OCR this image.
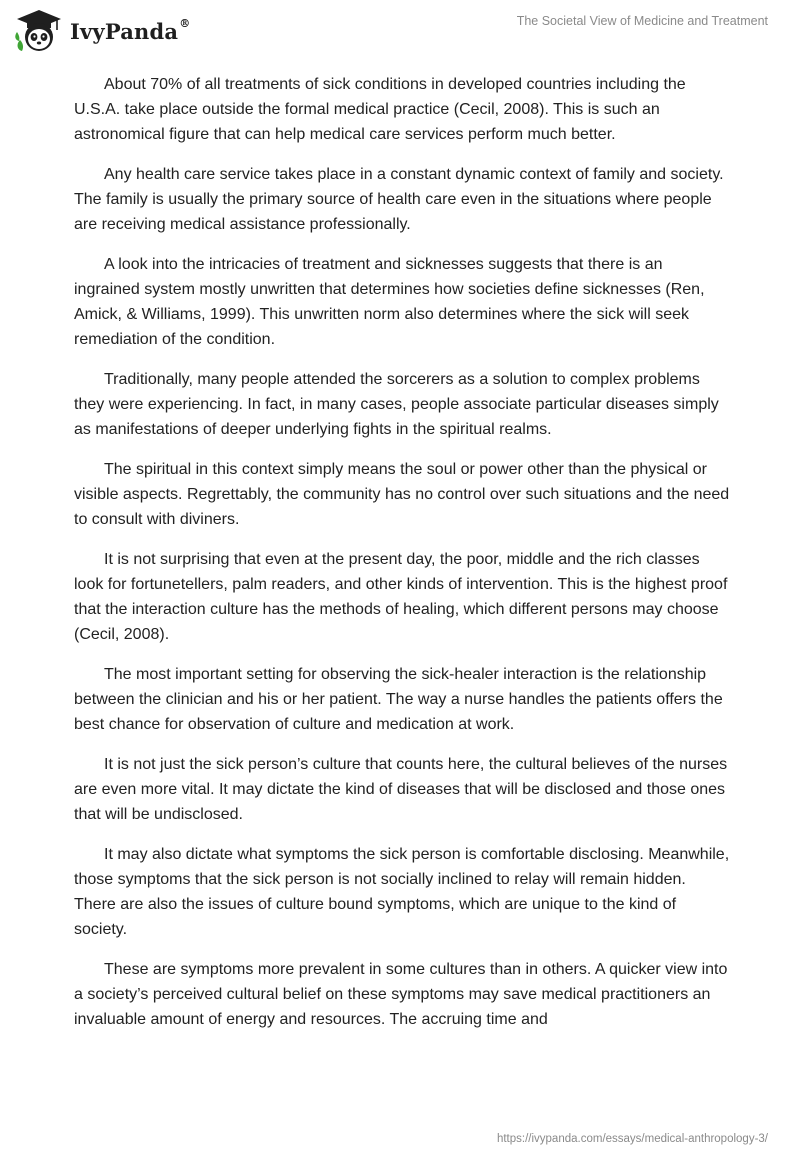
IvyPanda®	The Societal View of Medicine and Treatment

About 70% of all treatments of sick conditions in developed countries including the U.S.A. take place outside the formal medical practice (Cecil, 2008). This is such an astronomical figure that can help medical care services perform much better.

Any health care service takes place in a constant dynamic context of family and society. The family is usually the primary source of health care even in the situations where people are receiving medical assistance professionally.

A look into the intricacies of treatment and sicknesses suggests that there is an ingrained system mostly unwritten that determines how societies define sicknesses (Ren, Amick, & Williams, 1999). This unwritten norm also determines where the sick will seek remediation of the condition.

Traditionally, many people attended the sorcerers as a solution to complex problems they were experiencing. In fact, in many cases, people associate particular diseases simply as manifestations of deeper underlying fights in the spiritual realms.

The spiritual in this context simply means the soul or power other than the physical or visible aspects. Regrettably, the community has no control over such situations and the need to consult with diviners.

It is not surprising that even at the present day, the poor, middle and the rich classes look for fortunetellers, palm readers, and other kinds of intervention. This is the highest proof that the interaction culture has the methods of healing, which different persons may choose (Cecil, 2008).

The most important setting for observing the sick-healer interaction is the relationship between the clinician and his or her patient. The way a nurse handles the patients offers the best chance for observation of culture and medication at work.

It is not just the sick person’s culture that counts here, the cultural believes of the nurses are even more vital. It may dictate the kind of diseases that will be disclosed and those ones that will be undisclosed.

It may also dictate what symptoms the sick person is comfortable disclosing. Meanwhile, those symptoms that the sick person is not socially inclined to relay will remain hidden. There are also the issues of culture bound symptoms, which are unique to the kind of society.

These are symptoms more prevalent in some cultures than in others. A quicker view into a society’s perceived cultural belief on these symptoms may save medical practitioners an invaluable amount of energy and resources. The accruing time and

https://ivypanda.com/essays/medical-anthropology-3/
